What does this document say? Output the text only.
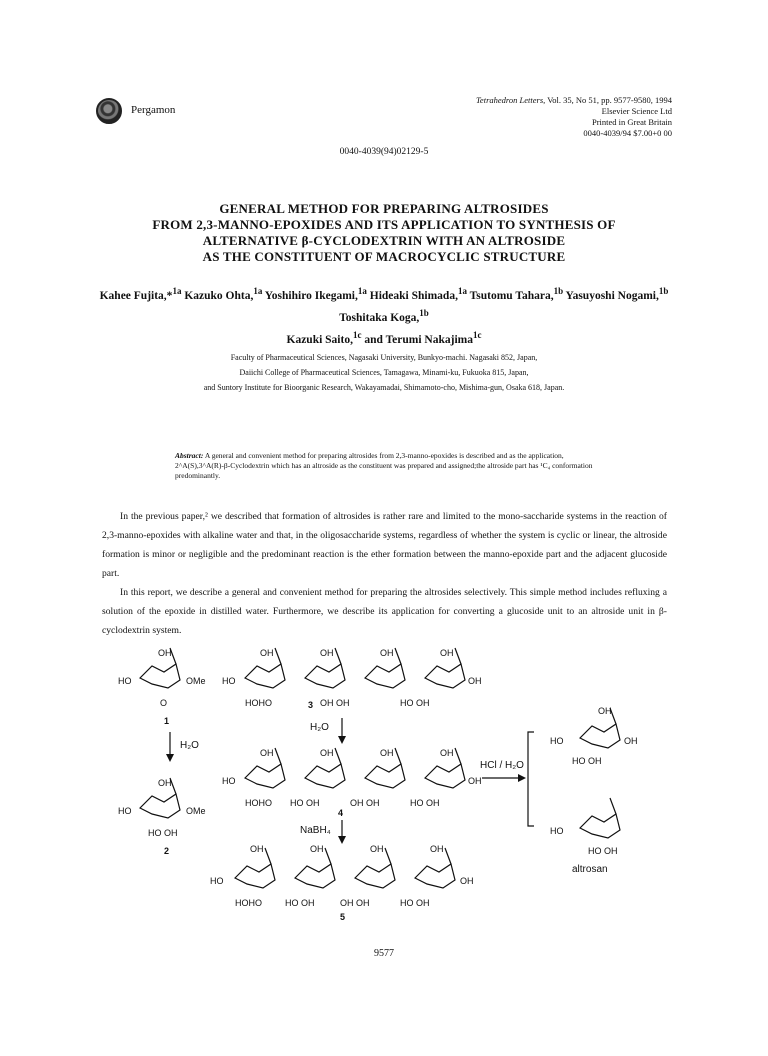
Pergamon
Tetrahedron Letters, Vol. 35, No 51, pp. 9577-9580, 1994
Elsevier Science Ltd
Printed in Great Britain
0040-4039/94 $7.00+0 00
0040-4039(94)02129-5
GENERAL METHOD FOR PREPARING ALTROSIDES
FROM 2,3-MANNO-EPOXIDES AND ITS APPLICATION TO SYNTHESIS OF
ALTERNATIVE β-CYCLODEXTRIN WITH AN ALTROSIDE
AS THE CONSTITUENT OF MACROCYCLIC STRUCTURE
Kahee Fujita,*$^{1a}$ Kazuko Ohta,$^{1a}$ Yoshihiro Ikegami,$^{1a}$ Hideaki Shimada,$^{1a}$ Tsutomu Tahara,$^{1b}$ Yasuyoshi Nogami,$^{1b}$ Toshitaka Koga,$^{1b}$
Kazuki Saito,$^{1c}$ and Terumi Nakajima$^{1c}$
Faculty of Pharmaceutical Sciences, Nagasaki University, Bunkyo-machi. Nagasaki 852, Japan,
Daiichi College of Pharmaceutical Sciences, Tamagawa, Minami-ku, Fukuoka 815, Japan,
and Suntory Institute for Bioorganic Research, Wakayamadai, Shimamoto-cho, Mishima-gun, Osaka 618, Japan.
Abstract: A general and convenient method for preparing altrosides from 2,3-manno-epoxides is described and as the application, 2^A(S),3^A(R)-β-Cyclodextrin which has an altroside as the constituent was prepared and assigned;the altroside part has ¹C₄ conformation predominantly.

In the previous paper,² we described that formation of altrosides is rather rare and limited to the mono-saccharide systems in the reaction of 2,3-manno-epoxides with alkaline water and that, in the oligosaccharide systems, regardless of whether the system is cyclic or linear, the altroside formation is minor or negligible and the predominant reaction is the ether formation between the manno-epoxide part and the adjacent glucoside part.

In this report, we describe a general and convenient method for preparing the altrosides selectively. This simple method includes refluxing a solution of the epoxide in distilled water. Furthermore, we describe its application for converting a glucoside unit to an altroside unit in β-cyclodextrin system.

OH
HO	OMe
O
1
H₂O
OH
HO	OMe
HO OH
2
OH	OH	OH	OH
HO	OH
HOHO	OH OH	HO OH
3
H₂O
OH	OH	OH	OH
HO	OH
HOHO HO OH	OH OH	HO OH
4
NaBH₄
OH	OH	OH	OH
HO	OH
HOHO	HO OH	OH OH	HO OH
5
HCl / H₂O
OH
HO	OH
HO OH
HO
HO OH
altrosan
9577
